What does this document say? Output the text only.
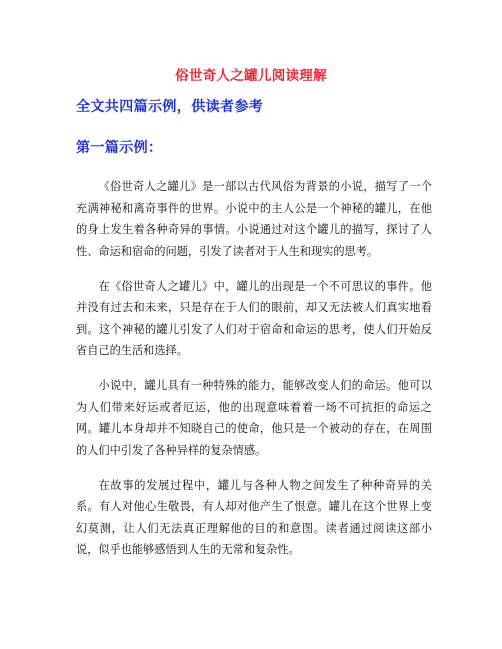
俗世奇人之罐儿阅读理解
全文共四篇示例，供读者参考
第一篇示例：

《俗世奇人之罐儿》是一部以古代风俗为背景的小说，描写了一个充满神秘和离奇事件的世界。小说中的主人公是一个神秘的罐儿，在他的身上发生着各种奇异的事情。小说通过对这个罐儿的描写，探讨了人性、命运和宿命的问题，引发了读者对于人生和现实的思考。

在《俗世奇人之罐儿》中，罐儿的出现是一个不可思议的事件。他并没有过去和未来，只是存在于人们的眼前，却又无法被人们真实地看到。这个神秘的罐儿引发了人们对于宿命和命运的思考，使人们开始反省自己的生活和选择。

小说中，罐儿具有一种特殊的能力，能够改变人们的命运。他可以为人们带来好运或者厄运，他的出现意味着着一场不可抗拒的命运之网。罐儿本身却并不知晓自己的使命，他只是一个被动的存在，在周围的人们中引发了各种异样的复杂情感。

在故事的发展过程中，罐儿与各种人物之间发生了种种奇异的关系。有人对他心生敬畏，有人却对他产生了恨意。罐儿在这个世界上变幻莫测，让人们无法真正理解他的目的和意图。读者通过阅读这部小说，似乎也能够感悟到人生的无常和复杂性。
